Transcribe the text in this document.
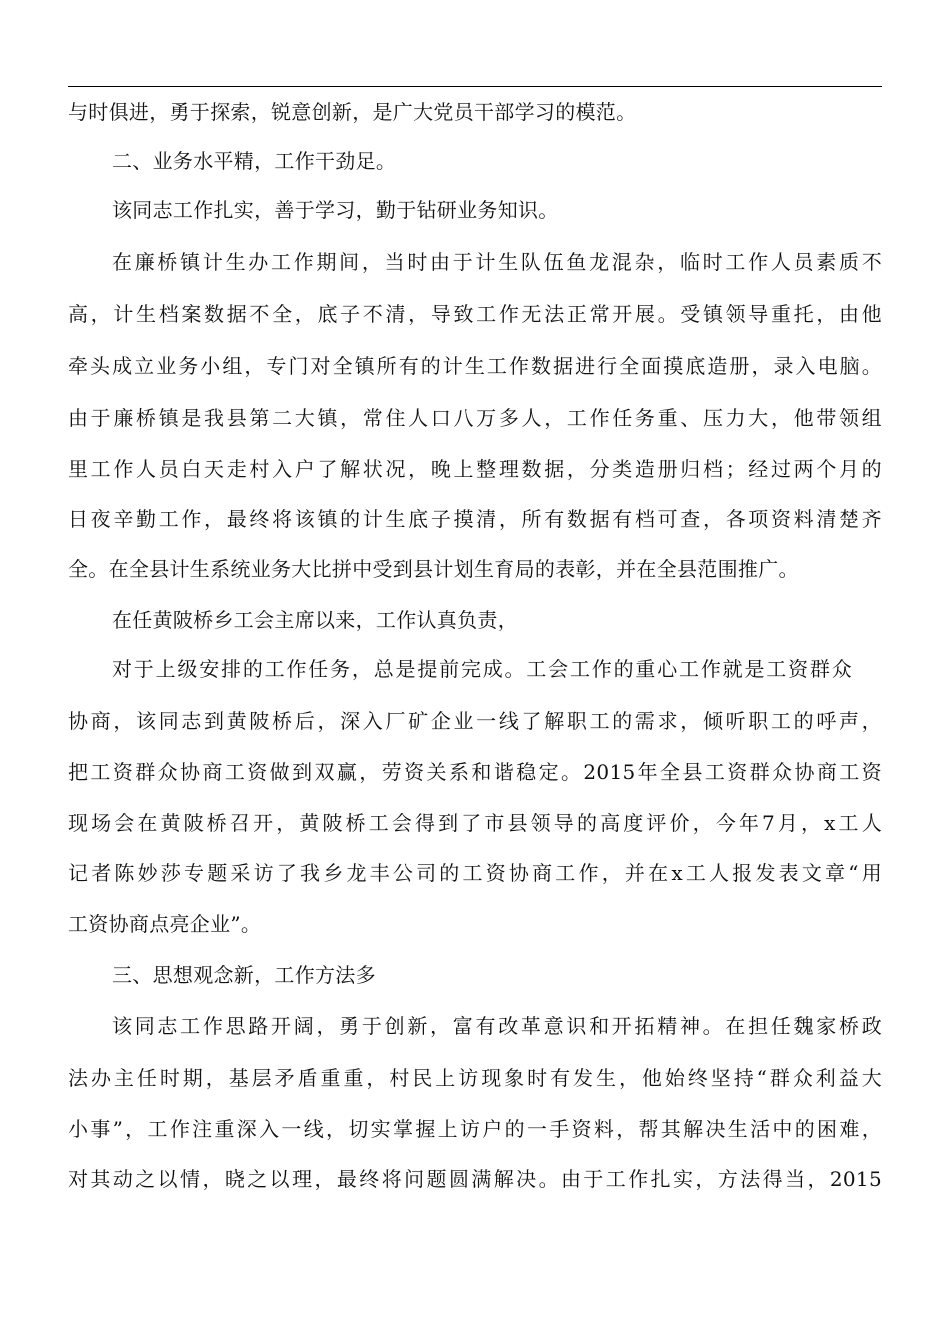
与时俱进，勇于探索，锐意创新，是广大党员干部学习的模范。
二、业务水平精，工作干劲足。
该同志工作扎实，善于学习，勤于钻研业务知识。
在廉桥镇计生办工作期间，当时由于计生队伍鱼龙混杂，临时工作人员素质不
高，计生档案数据不全，底子不清，导致工作无法正常开展。受镇领导重托，由他
牵头成立业务小组，专门对全镇所有的计生工作数据进行全面摸底造册，录入电脑。
由于廉桥镇是我县第二大镇，常住人口八万多人，工作任务重、压力大，他带领组
里工作人员白天走村入户了解状况，晚上整理数据，分类造册归档；经过两个月的
日夜辛勤工作，最终将该镇的计生底子摸清，所有数据有档可查，各项资料清楚齐
全。在全县计生系统业务大比拼中受到县计划生育局的表彰，并在全县范围推广。
在任黄陂桥乡工会主席以来，工作认真负责，
对于上级安排的工作任务，总是提前完成。工会工作的重心工作就是工资群众
协商，该同志到黄陂桥后，深入厂矿企业一线了解职工的需求，倾听职工的呼声，
把工资群众协商工资做到双赢，劳资关系和谐稳定。2015年全县工资群众协商工资
现场会在黄陂桥召开，黄陂桥工会得到了市县领导的高度评价，今年7月，x工人
记者陈妙莎专题采访了我乡龙丰公司的工资协商工作，并在x工人报发表文章“用
工资协商点亮企业”。
三、思想观念新，工作方法多
该同志工作思路开阔，勇于创新，富有改革意识和开拓精神。在担任魏家桥政
法办主任时期，基层矛盾重重，村民上访现象时有发生，他始终坚持“群众利益大
小事”，工作注重深入一线，切实掌握上访户的一手资料，帮其解决生活中的困难，
对其动之以情，晓之以理，最终将问题圆满解决。由于工作扎实，方法得当，2015
